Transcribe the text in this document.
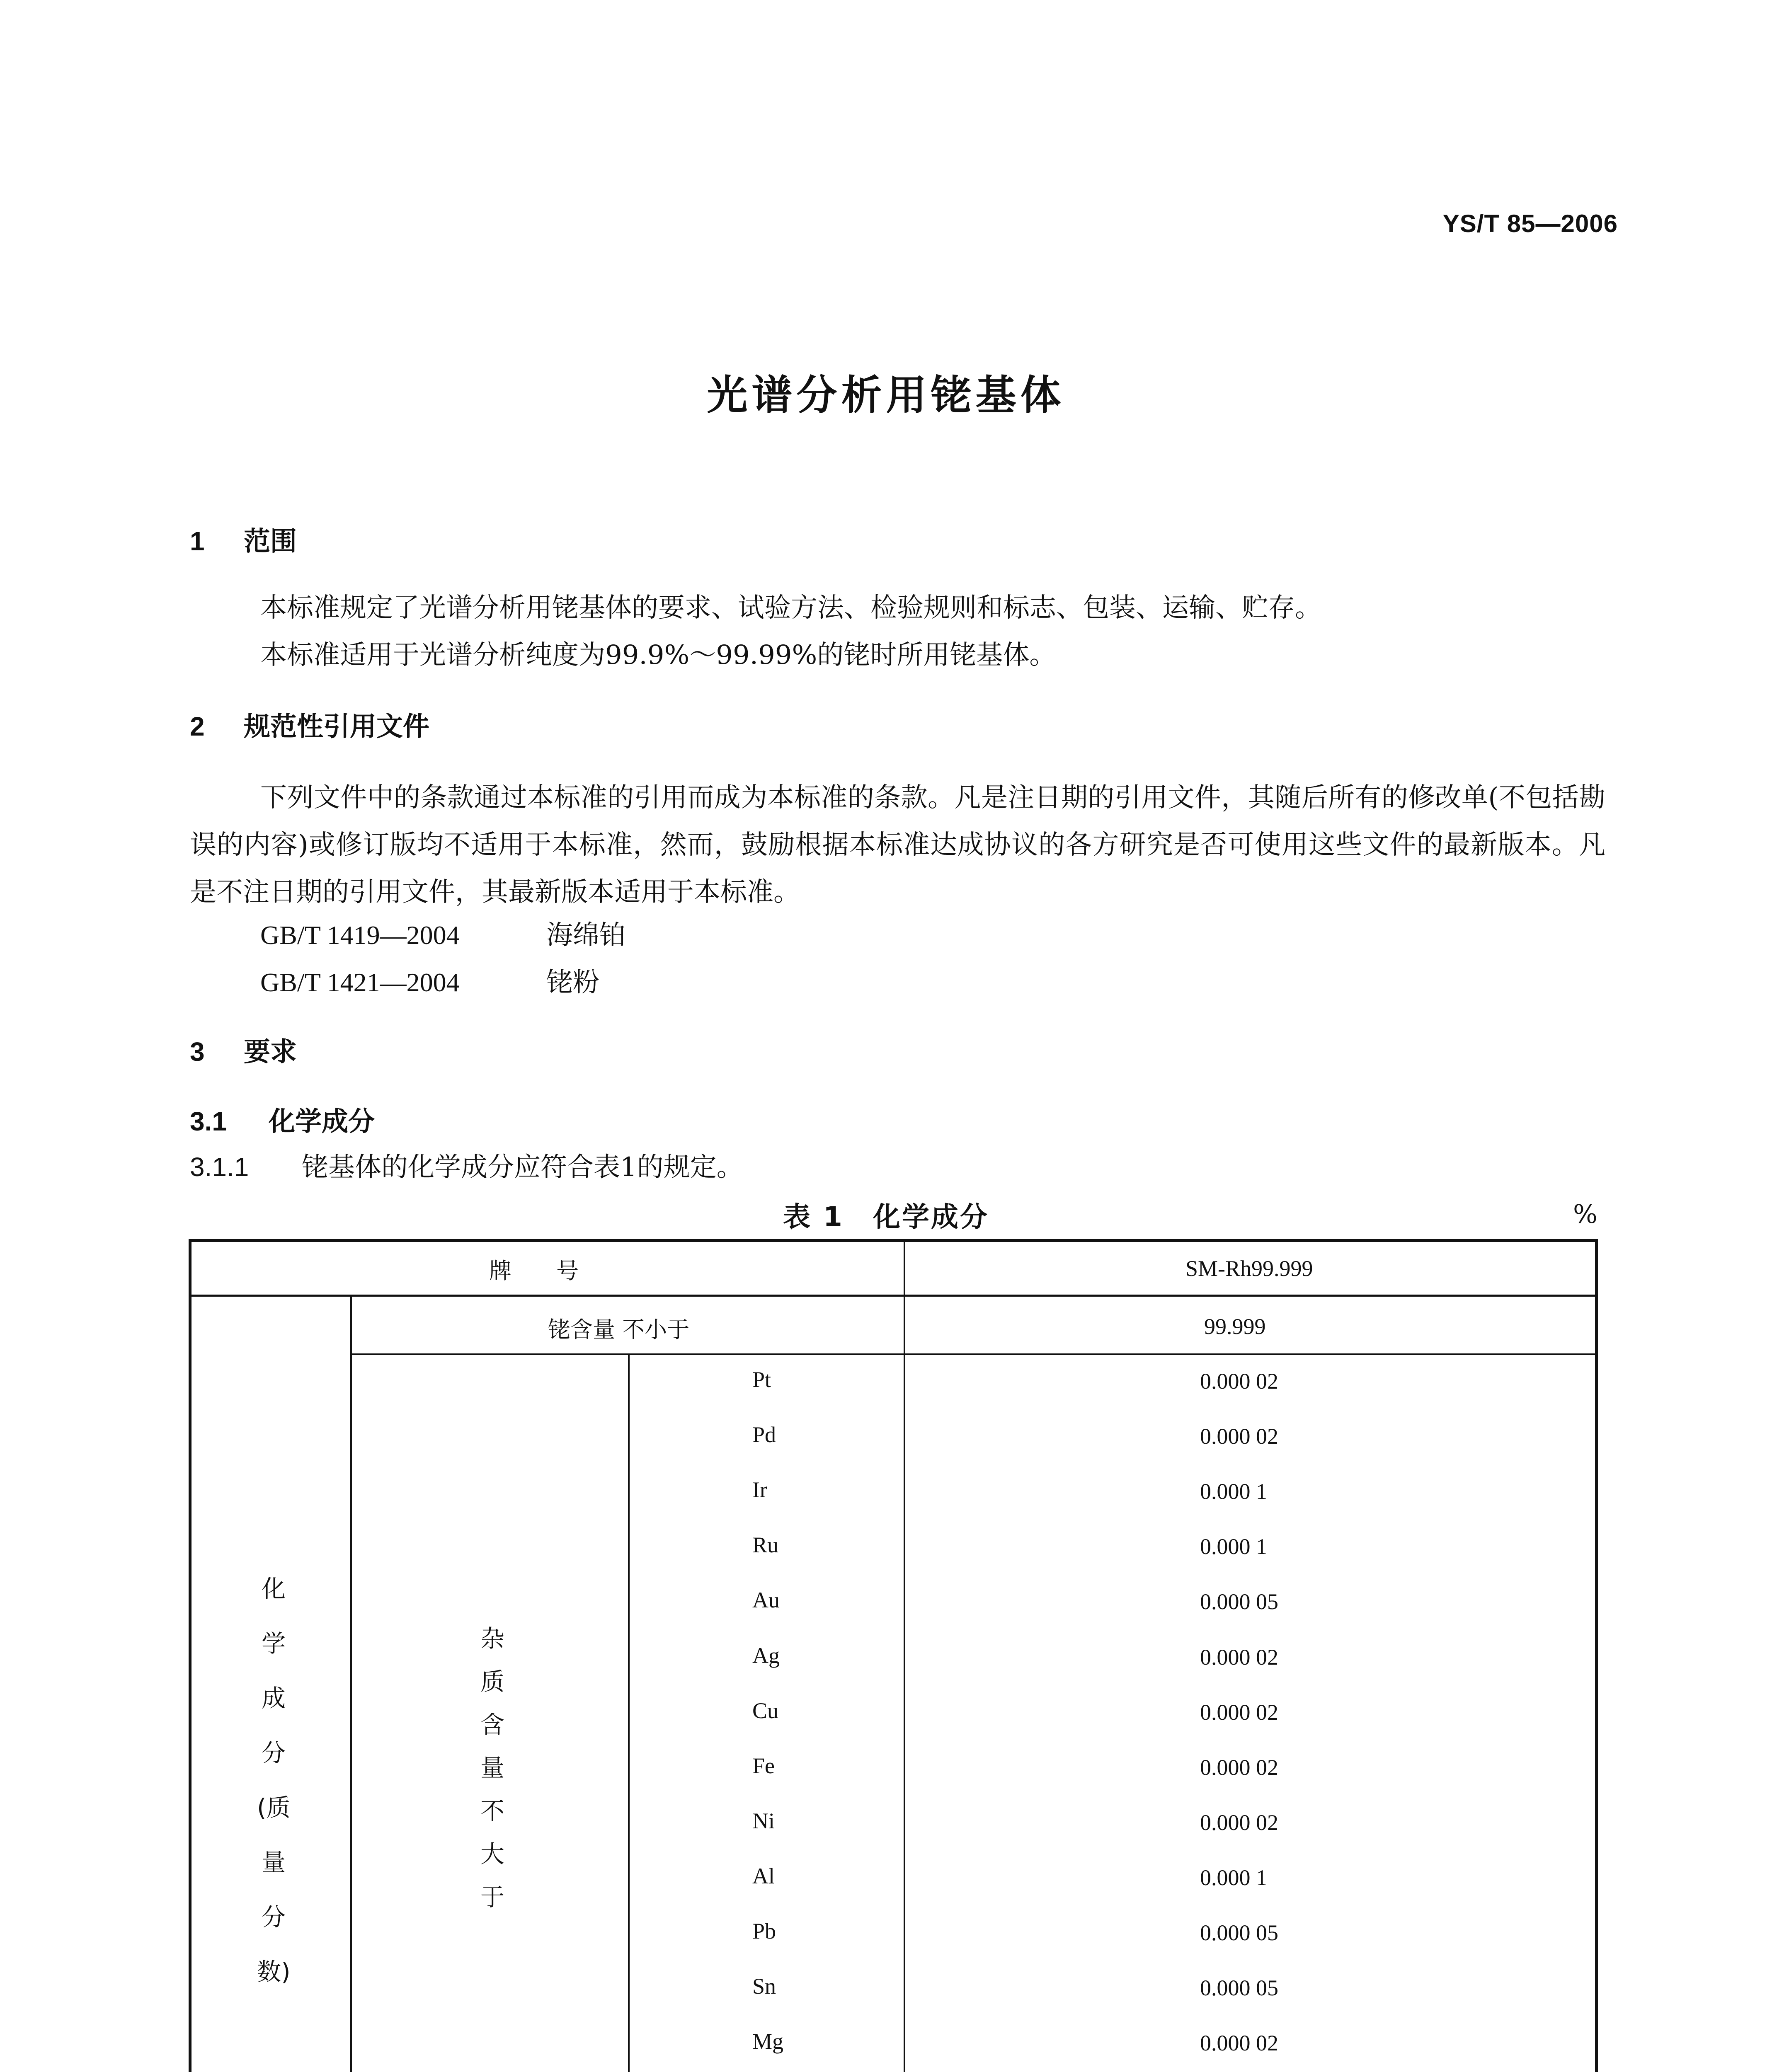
YS/T 85—2006
光谱分析用铑基体
1 范围
本标准规定了光谱分析用铑基体的要求、试验方法、检验规则和标志、包装、运输、贮存。
本标准适用于光谱分析纯度为99.9%～99.99%的铑时所用铑基体。
2 规范性引用文件
下列文件中的条款通过本标准的引用而成为本标准的条款。凡是注日期的引用文件，其随后所有的修改单(不包括勘误的内容)或修订版均不适用于本标准，然而，鼓励根据本标准达成协议的各方研究是否可使用这些文件的最新版本。凡是不注日期的引用文件，其最新版本适用于本标准。
GB/T 1419—2004	海绵铂
GB/T 1421—2004	铑粉
3 要求
3.1 化学成分
3.1.1 铑基体的化学成分应符合表1的规定。
表 1　化学成分	%
牌　　号	SM-Rh99.999
铑含量 不小于	99.999
化学成分(质量分数)
杂质含量　不大于
Pt	0.000 02
Pd	0.000 02
Ir	0.000 1
Ru	0.000 1
Au	0.000 05
Ag	0.000 02
Cu	0.000 02
Fe	0.000 02
Ni	0.000 02
Al	0.000 1
Pb	0.000 05
Sn	0.000 05
Mg	0.000 02
